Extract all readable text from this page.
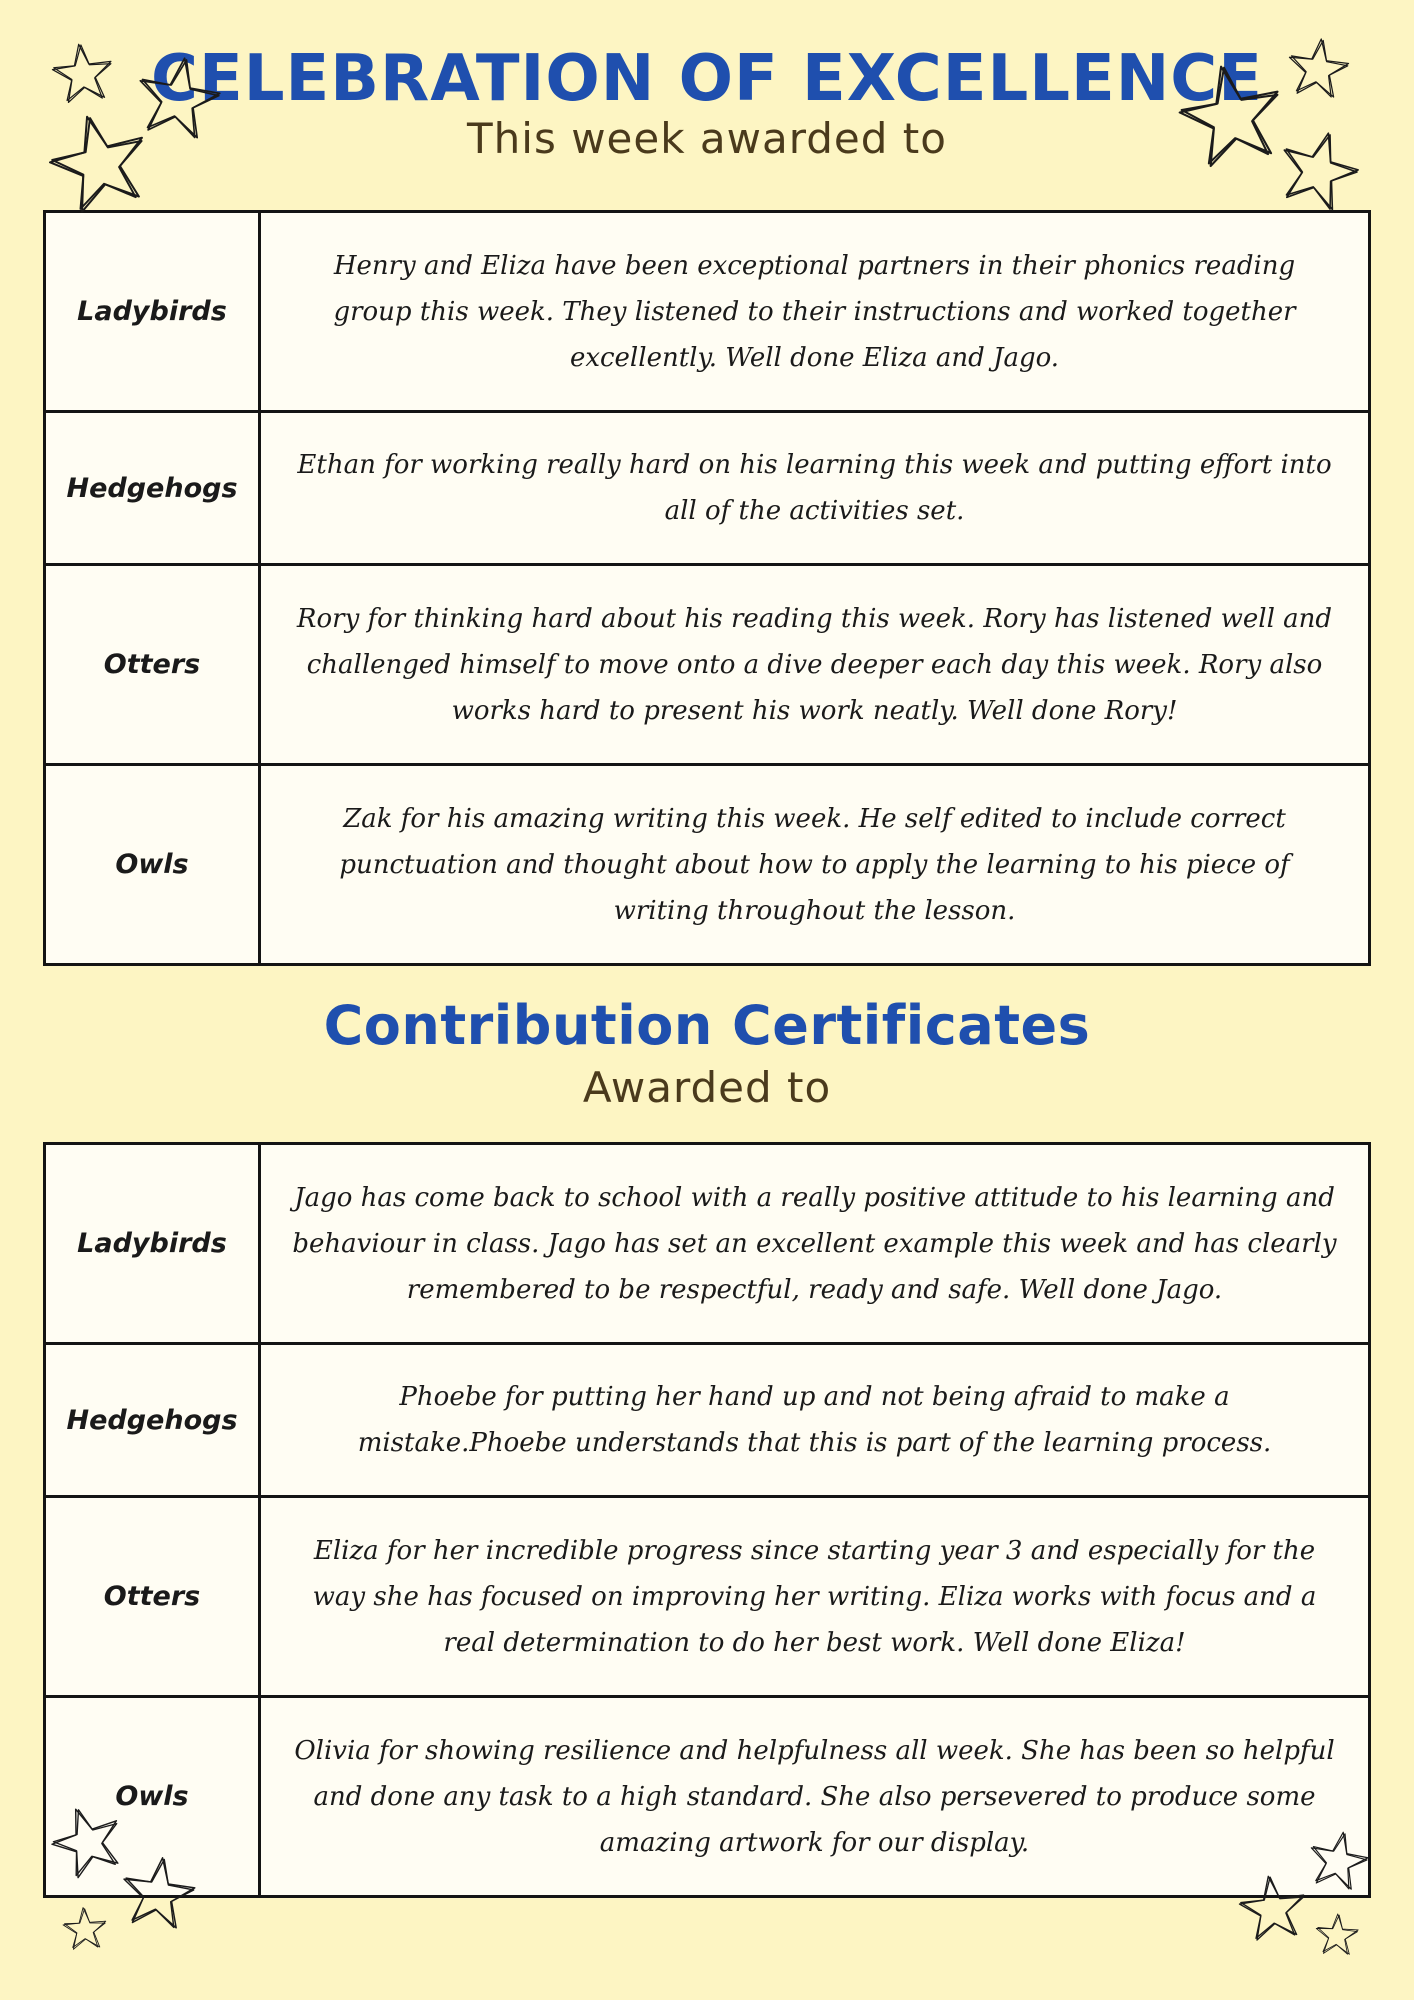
CELEBRATION OF EXCELLENCE
This week awarded to
Ladybirds	Henry and Eliza have been exceptional partners in their phonics reading group this week. They listened to their instructions and worked together excellently. Well done Eliza and Jago.
Hedgehogs	Ethan for working really hard on his learning this week and putting effort into all of the activities set.
Otters	Rory for thinking hard about his reading this week. Rory has listened well and challenged himself to move onto a dive deeper each day this week. Rory also works hard to present his work neatly. Well done Rory!
Owls	Zak for his amazing writing this week. He self edited to include correct punctuation and thought about how to apply the learning to his piece of writing throughout the lesson.
Contribution Certificates
Awarded to
Ladybirds	Jago has come back to school with a really positive attitude to his learning and behaviour in class. Jago has set an excellent example this week and has clearly remembered to be respectful, ready and safe. Well done Jago.
Hedgehogs	Phoebe for putting her hand up and not being afraid to make a mistake.Phoebe understands that this is part of the learning process.
Otters	Eliza for her incredible progress since starting year 3 and especially for the way she has focused on improving her writing. Eliza works with focus and a real determination to do her best work. Well done Eliza!
Owls	Olivia for showing resilience and helpfulness all week. She has been so helpful and done any task to a high standard. She also persevered to produce some amazing artwork for our display.
